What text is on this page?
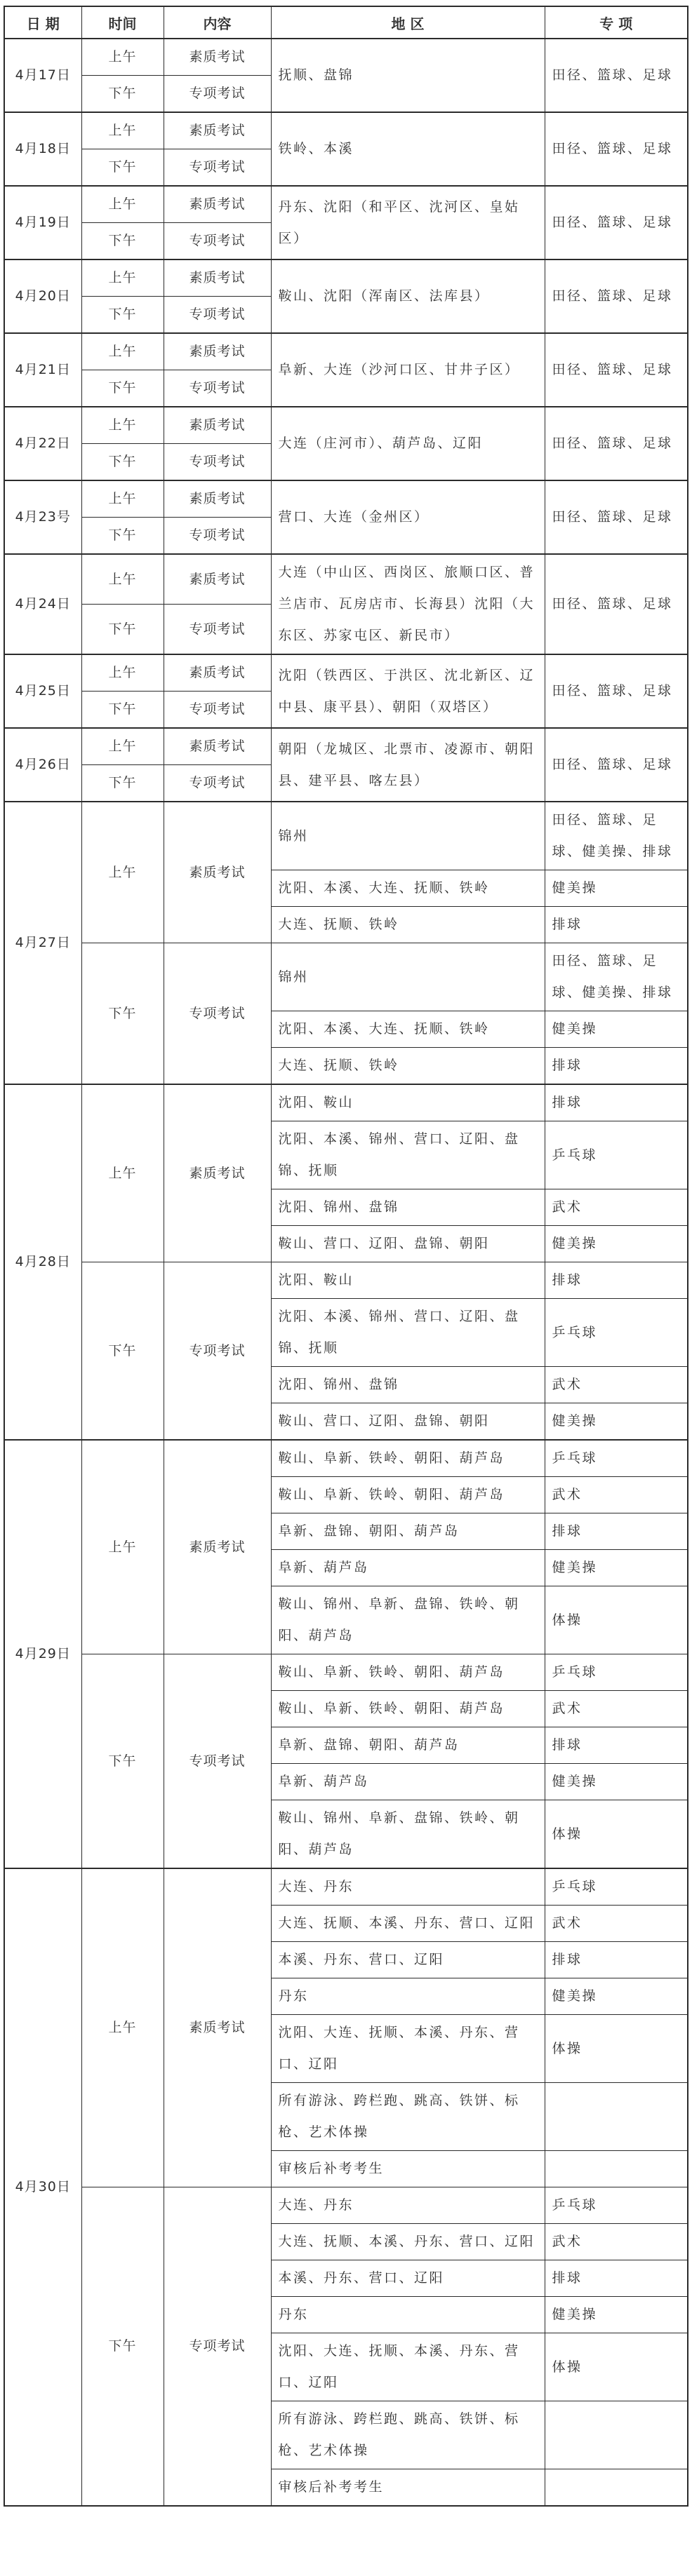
日 期	时间	内容	地 区	专 项
4月17日	上午	素质考试	抚顺、盘锦	田径、篮球、足球
	下午	专项考试		
4月18日	上午	素质考试	铁岭、本溪	田径、篮球、足球
	下午	专项考试		
4月19日	上午	素质考试	丹东、沈阳（和平区、沈河区、皇姑区）	田径、篮球、足球
	下午	专项考试		
4月20日	上午	素质考试	鞍山、沈阳（浑南区、法库县）	田径、篮球、足球
	下午	专项考试		
4月21日	上午	素质考试	阜新、大连（沙河口区、甘井子区）	田径、篮球、足球
	下午	专项考试		
4月22日	上午	素质考试	大连（庄河市）、葫芦岛、辽阳	田径、篮球、足球
	下午	专项考试		
4月23号	上午	素质考试	营口、大连（金州区）	田径、篮球、足球
	下午	专项考试		
4月24日	上午	素质考试	大连（中山区、西岗区、旅顺口区、普兰店市、瓦房店市、长海县）沈阳（大东区、苏家屯区、新民市）	田径、篮球、足球
	下午	专项考试		
4月25日	上午	素质考试	沈阳（铁西区、于洪区、沈北新区、辽中县、康平县）、朝阳（双塔区）	田径、篮球、足球
	下午	专项考试		
4月26日	上午	素质考试	朝阳（龙城区、北票市、凌源市、朝阳县、建平县、喀左县）	田径、篮球、足球
	下午	专项考试		
4月27日	上午	素质考试	锦州	田径、篮球、足球、健美操、排球
			沈阳、本溪、大连、抚顺、铁岭	健美操
			大连、抚顺、铁岭	排球
	下午	专项考试	锦州	田径、篮球、足球、健美操、排球
			沈阳、本溪、大连、抚顺、铁岭	健美操
			大连、抚顺、铁岭	排球
4月28日	上午	素质考试	沈阳、鞍山	排球
			沈阳、本溪、锦州、营口、辽阳、盘锦、抚顺	乒乓球
			沈阳、锦州、盘锦	武术
			鞍山、营口、辽阳、盘锦、朝阳	健美操
	下午	专项考试	沈阳、鞍山	排球
			沈阳、本溪、锦州、营口、辽阳、盘锦、抚顺	乒乓球
			沈阳、锦州、盘锦	武术
			鞍山、营口、辽阳、盘锦、朝阳	健美操
4月29日	上午	素质考试	鞍山、阜新、铁岭、朝阳、葫芦岛	乒乓球
			鞍山、阜新、铁岭、朝阳、葫芦岛	武术
			阜新、盘锦、朝阳、葫芦岛	排球
			阜新、葫芦岛	健美操
			鞍山、锦州、阜新、盘锦、铁岭、朝阳、葫芦岛	体操
	下午	专项考试	鞍山、阜新、铁岭、朝阳、葫芦岛	乒乓球
			鞍山、阜新、铁岭、朝阳、葫芦岛	武术
			阜新、盘锦、朝阳、葫芦岛	排球
			阜新、葫芦岛	健美操
			鞍山、锦州、阜新、盘锦、铁岭、朝阳、葫芦岛	体操
4月30日	上午	素质考试	大连、丹东	乒乓球
			大连、抚顺、本溪、丹东、营口、辽阳	武术
			本溪、丹东、营口、辽阳	排球
			丹东	健美操
			沈阳、大连、抚顺、本溪、丹东、营口、辽阳	体操
			所有游泳、跨栏跑、跳高、铁饼、标枪、艺术体操	
			审核后补考考生	
	下午	专项考试	大连、丹东	乒乓球
			大连、抚顺、本溪、丹东、营口、辽阳	武术
			本溪、丹东、营口、辽阳	排球
			丹东	健美操
			沈阳、大连、抚顺、本溪、丹东、营口、辽阳	体操
			所有游泳、跨栏跑、跳高、铁饼、标枪、艺术体操	
			审核后补考考生	
